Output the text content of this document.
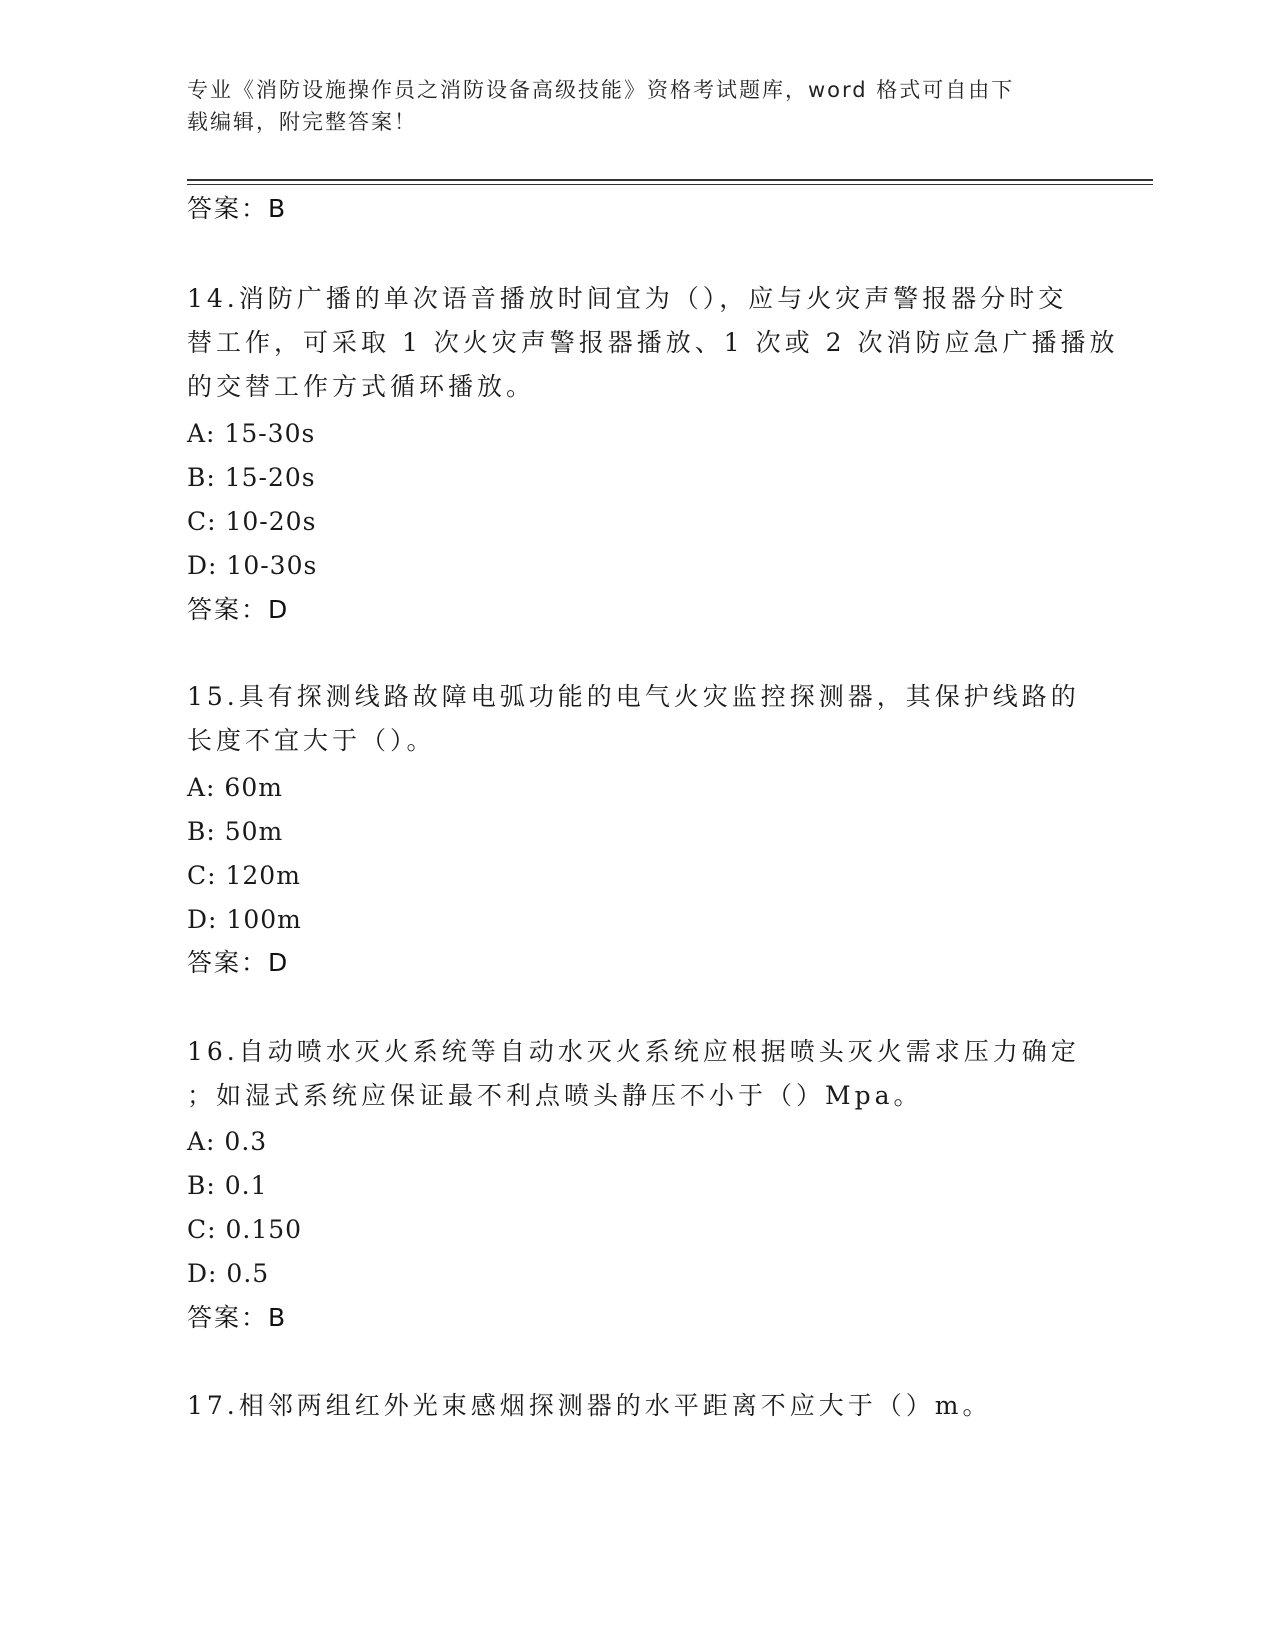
专业《消防设施操作员之消防设备高级技能》资格考试题库，word 格式可自由下
载编辑，附完整答案！
答案：B
14.消防广播的单次语音播放时间宜为（），应与火灾声警报器分时交
替工作，可采取 1 次火灾声警报器播放、1 次或 2 次消防应急广播播放
的交替工作方式循环播放。
A: 15-30s
B: 15-20s
C: 10-20s
D: 10-30s
答案：D
15.具有探测线路故障电弧功能的电气火灾监控探测器，其保护线路的
长度不宜大于（）。
A: 60m
B: 50m
C: 120m
D: 100m
答案：D
16.自动喷水灭火系统等自动水灭火系统应根据喷头灭火需求压力确定
；如湿式系统应保证最不利点喷头静压不小于（）Mpa。
A: 0.3
B: 0.1
C: 0.150
D: 0.5
答案：B
17.相邻两组红外光束感烟探测器的水平距离不应大于（）m。
